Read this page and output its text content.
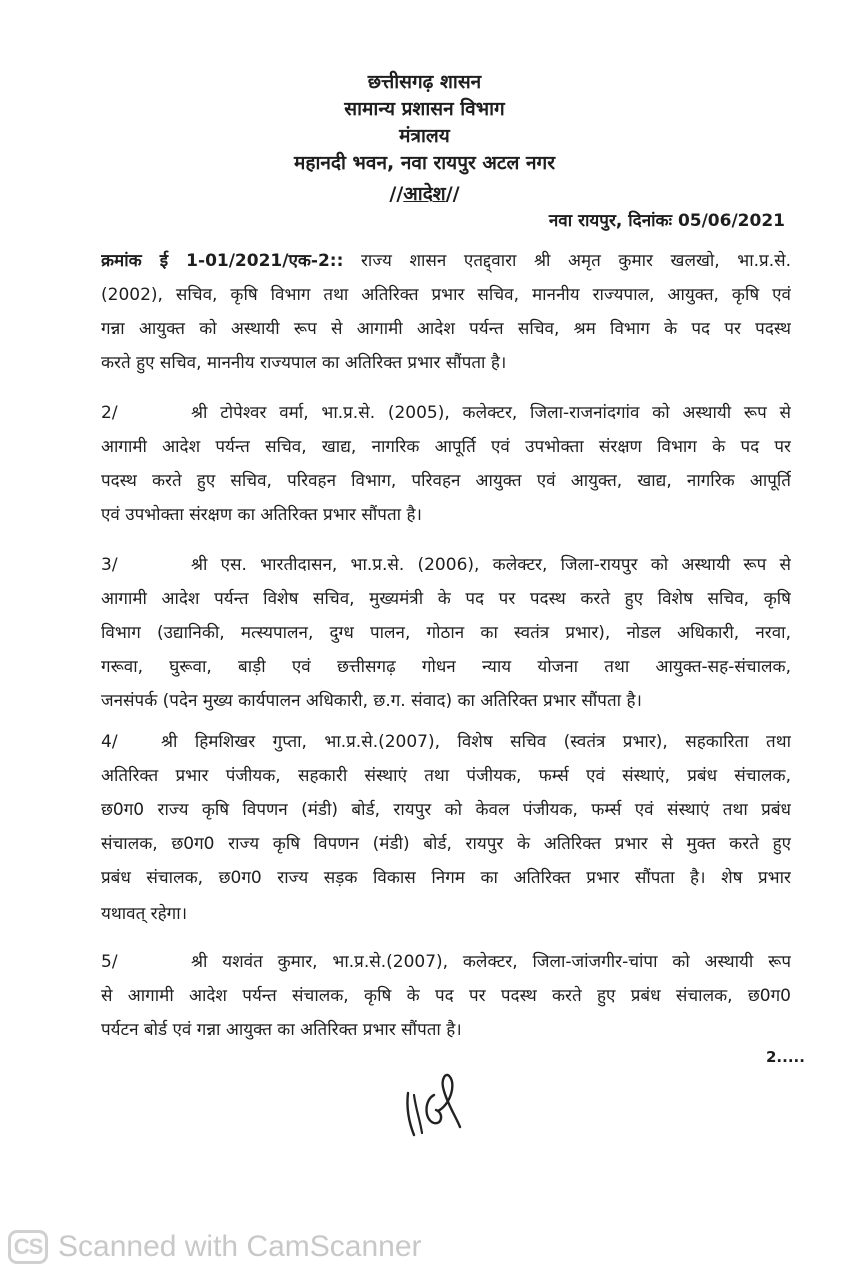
छत्तीसगढ़ शासन
सामान्य प्रशासन विभाग
मंत्रालय
महानदी भवन, नवा रायपुर अटल नगर
//आदेश//
नवा रायपुर, दिनांकः 05/06/2021
क्रमांक ई 1-01/2021/एक-2:: राज्य शासन एतद्द्वारा श्री अमृत कुमार खलखो, भा.प्र.से.
(2002), सचिव, कृषि विभाग तथा अतिरिक्त प्रभार सचिव, माननीय राज्यपाल, आयुक्त, कृषि एवं
गन्ना आयुक्त को अस्थायी रूप से आगामी आदेश पर्यन्त सचिव, श्रम विभाग के पद पर पदस्थ
करते हुए सचिव, माननीय राज्यपाल का अतिरिक्त प्रभार सौंपता है।
2/	श्री टोपेश्वर वर्मा, भा.प्र.से. (2005), कलेक्टर, जिला-राजनांदगांव को अस्थायी रूप से
आगामी आदेश पर्यन्त सचिव, खाद्य, नागरिक आपूर्ति एवं उपभोक्ता संरक्षण विभाग के पद पर
पदस्थ करते हुए सचिव, परिवहन विभाग, परिवहन आयुक्त एवं आयुक्त, खाद्य, नागरिक आपूर्ति
एवं उपभोक्ता संरक्षण का अतिरिक्त प्रभार सौंपता है।
3/	श्री एस. भारतीदासन, भा.प्र.से. (2006), कलेक्टर, जिला-रायपुर को अस्थायी रूप से
आगामी आदेश पर्यन्त विशेष सचिव, मुख्यमंत्री के पद पर पदस्थ करते हुए विशेष सचिव, कृषि
विभाग (उद्यानिकी, मत्स्यपालन, दुग्ध पालन, गोठान का स्वतंत्र प्रभार), नोडल अधिकारी, नरवा,
गरूवा, घुरूवा, बाड़ी एवं छत्तीसगढ़ गोधन न्याय योजना तथा आयुक्त-सह-संचालक,
जनसंपर्क (पदेन मुख्य कार्यपालन अधिकारी, छ.ग. संवाद) का अतिरिक्त प्रभार सौंपता है।
4/	श्री हिमशिखर गुप्ता, भा.प्र.से.(2007), विशेष सचिव (स्वतंत्र प्रभार), सहकारिता तथा
अतिरिक्त प्रभार पंजीयक, सहकारी संस्थाएं तथा पंजीयक, फर्म्स एवं संस्थाएं, प्रबंध संचालक,
छ0ग0 राज्य कृषि विपणन (मंडी) बोर्ड, रायपुर को केवल पंजीयक, फर्म्स एवं संस्थाएं तथा प्रबंध
संचालक, छ0ग0 राज्य कृषि विपणन (मंडी) बोर्ड, रायपुर के अतिरिक्त प्रभार से मुक्त करते हुए
प्रबंध संचालक, छ0ग0 राज्य सड़क विकास निगम का अतिरिक्त प्रभार सौंपता है। शेष प्रभार
यथावत् रहेगा।
5/	श्री यशवंत कुमार, भा.प्र.से.(2007), कलेक्टर, जिला-जांजगीर-चांपा को अस्थायी रूप
से आगामी आदेश पर्यन्त संचालक, कृषि के पद पर पदस्थ करते हुए प्रबंध संचालक, छ0ग0
पर्यटन बोर्ड एवं गन्ना आयुक्त का अतिरिक्त प्रभार सौंपता है।
2.....
CS Scanned with CamScanner
